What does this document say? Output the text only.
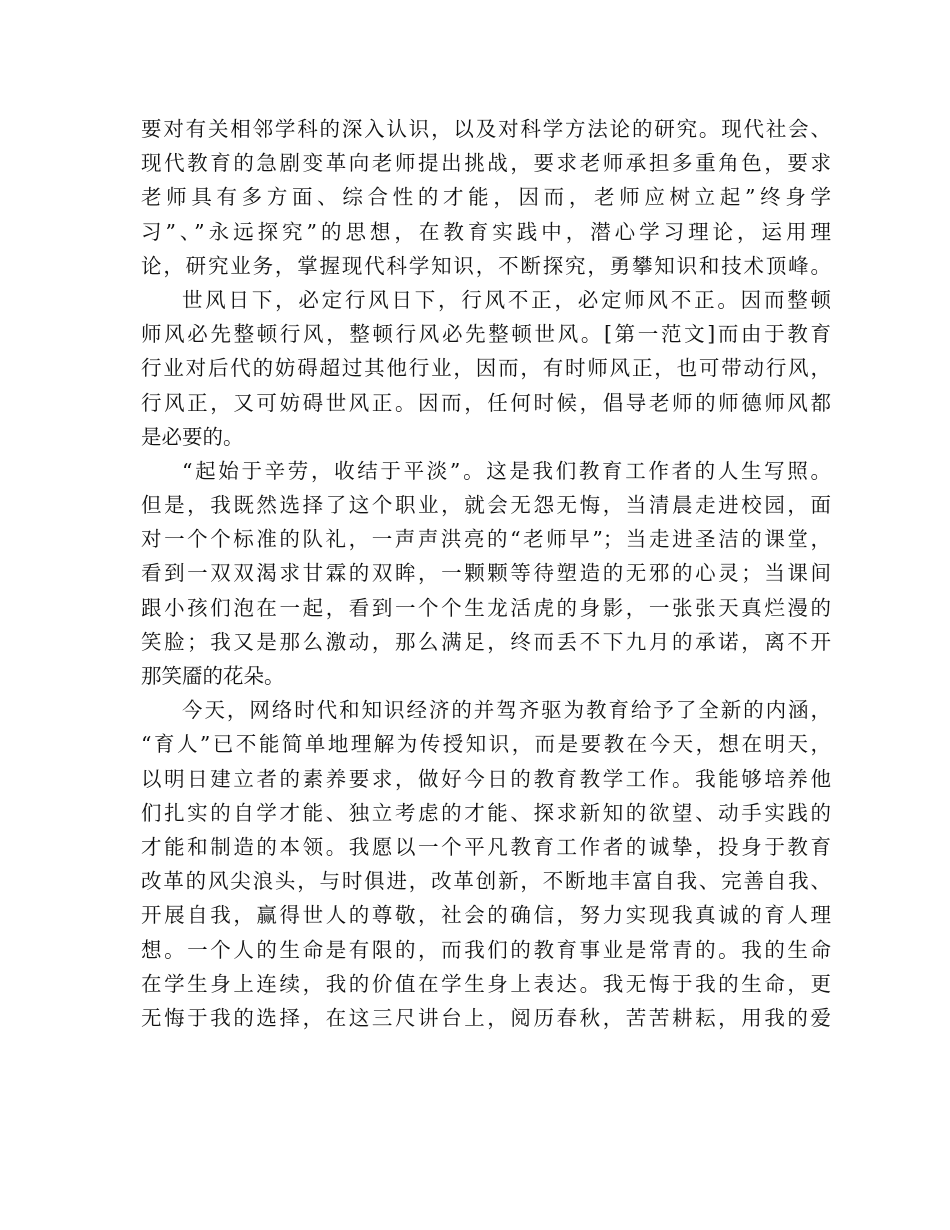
要对有关相邻学科的深入认识，以及对科学方法论的研究。现代社会、
现代教育的急剧变革向老师提出挑战，要求老师承担多重角色，要求
老师具有多方面、综合性的才能，因而，老师应树立起”终身学
习”、”永远探究”的思想，在教育实践中，潜心学习理论，运用理
论，研究业务，掌握现代科学知识，不断探究，勇攀知识和技术顶峰。
世风日下，必定行风日下，行风不正，必定师风不正。因而整顿
师风必先整顿行风，整顿行风必先整顿世风。[第一范文]而由于教育
行业对后代的妨碍超过其他行业，因而，有时师风正，也可带动行风，
行风正，又可妨碍世风正。因而，任何时候，倡导老师的师德师风都
是必要的。
“起始于辛劳，收结于平淡”。这是我们教育工作者的人生写照。
但是，我既然选择了这个职业，就会无怨无悔，当清晨走进校园，面
对一个个标准的队礼，一声声洪亮的“老师早”；当走进圣洁的课堂，
看到一双双渴求甘霖的双眸，一颗颗等待塑造的无邪的心灵；当课间
跟小孩们泡在一起，看到一个个生龙活虎的身影，一张张天真烂漫的
笑脸；我又是那么激动，那么满足，终而丢不下九月的承诺，离不开
那笑靥的花朵。
今天，网络时代和知识经济的并驾齐驱为教育给予了全新的内涵，
“育人”已不能简单地理解为传授知识，而是要教在今天，想在明天，
以明日建立者的素养要求，做好今日的教育教学工作。我能够培养他
们扎实的自学才能、独立考虑的才能、探求新知的欲望、动手实践的
才能和制造的本领。我愿以一个平凡教育工作者的诚挚，投身于教育
改革的风尖浪头，与时俱进，改革创新，不断地丰富自我、完善自我、
开展自我，赢得世人的尊敬，社会的确信，努力实现我真诚的育人理
想。一个人的生命是有限的，而我们的教育事业是常青的。我的生命
在学生身上连续，我的价值在学生身上表达。我无悔于我的生命，更
无悔于我的选择，在这三尺讲台上，阅历春秋，苦苦耕耘，用我的爱
